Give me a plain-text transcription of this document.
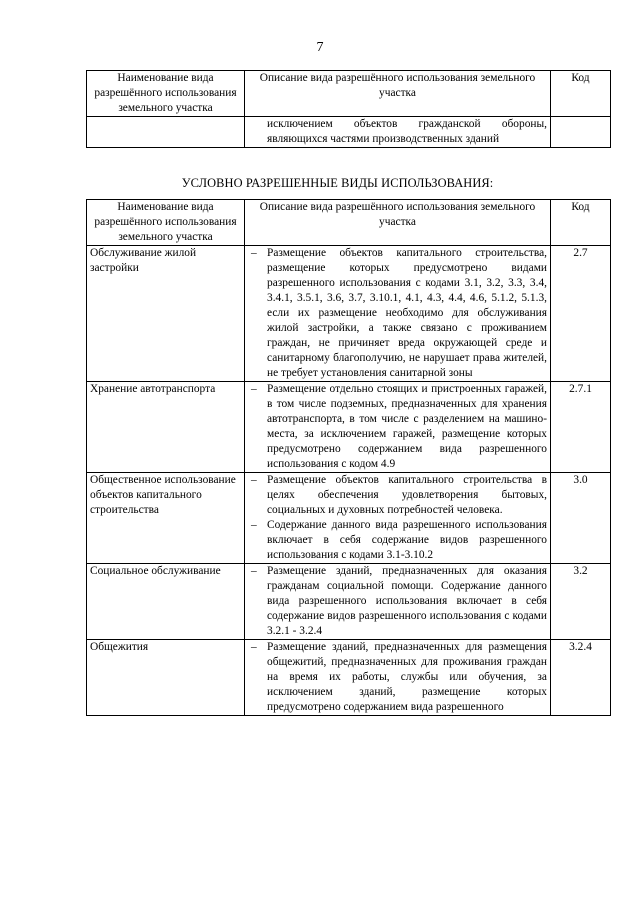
7
Наименование вида разрешённого использования земельного участка	Описание вида разрешённого использования земельного участка	Код

	исключением объектов гражданской обороны, являющихся частями производственных зданий	

УСЛОВНО РАЗРЕШЕННЫЕ ВИДЫ ИСПОЛЬЗОВАНИЯ:
Наименование вида разрешённого использования земельного участка	Описание вида разрешённого использования земельного участка	Код
Обслуживание жилой застройки	– Размещение объектов капитального строительства, размещение которых предусмотрено видами разрешенного использования с кодами 3.1, 3.2, 3.3, 3.4, 3.4.1, 3.5.1, 3.6, 3.7, 3.10.1, 4.1, 4.3, 4.4, 4.6, 5.1.2, 5.1.3, если их размещение необходимо для обслуживания жилой застройки, а также связано с проживанием граждан, не причиняет вреда окружающей среде и санитарному благополучию, не нарушает права жителей, не требует установления санитарной зоны	2.7
Хранение автотранспорта	– Размещение отдельно стоящих и пристроенных гаражей, в том числе подземных, предназначенных для хранения автотранспорта, в том числе с разделением на машино-места, за исключением гаражей, размещение которых предусмотрено содержанием вида разрешенного использования с кодом 4.9	2.7.1
Общественное использование объектов капитального строительства	– Размещение объектов капитального строительства в целях обеспечения удовлетворения бытовых, социальных и духовных потребностей человека.
– Содержание данного вида разрешенного использования включает в себя содержание видов разрешенного использования с кодами 3.1-3.10.2	3.0
Социальное обслуживание	– Размещение зданий, предназначенных для оказания гражданам социальной помощи. Содержание данного вида разрешенного использования включает в себя содержание видов разрешенного использования с кодами 3.2.1 - 3.2.4	3.2
Общежития	– Размещение зданий, предназначенных для размещения общежитий, предназначенных для проживания граждан на время их работы, службы или обучения, за исключением зданий, размещение которых предусмотрено содержанием вида разрешенного	3.2.4
